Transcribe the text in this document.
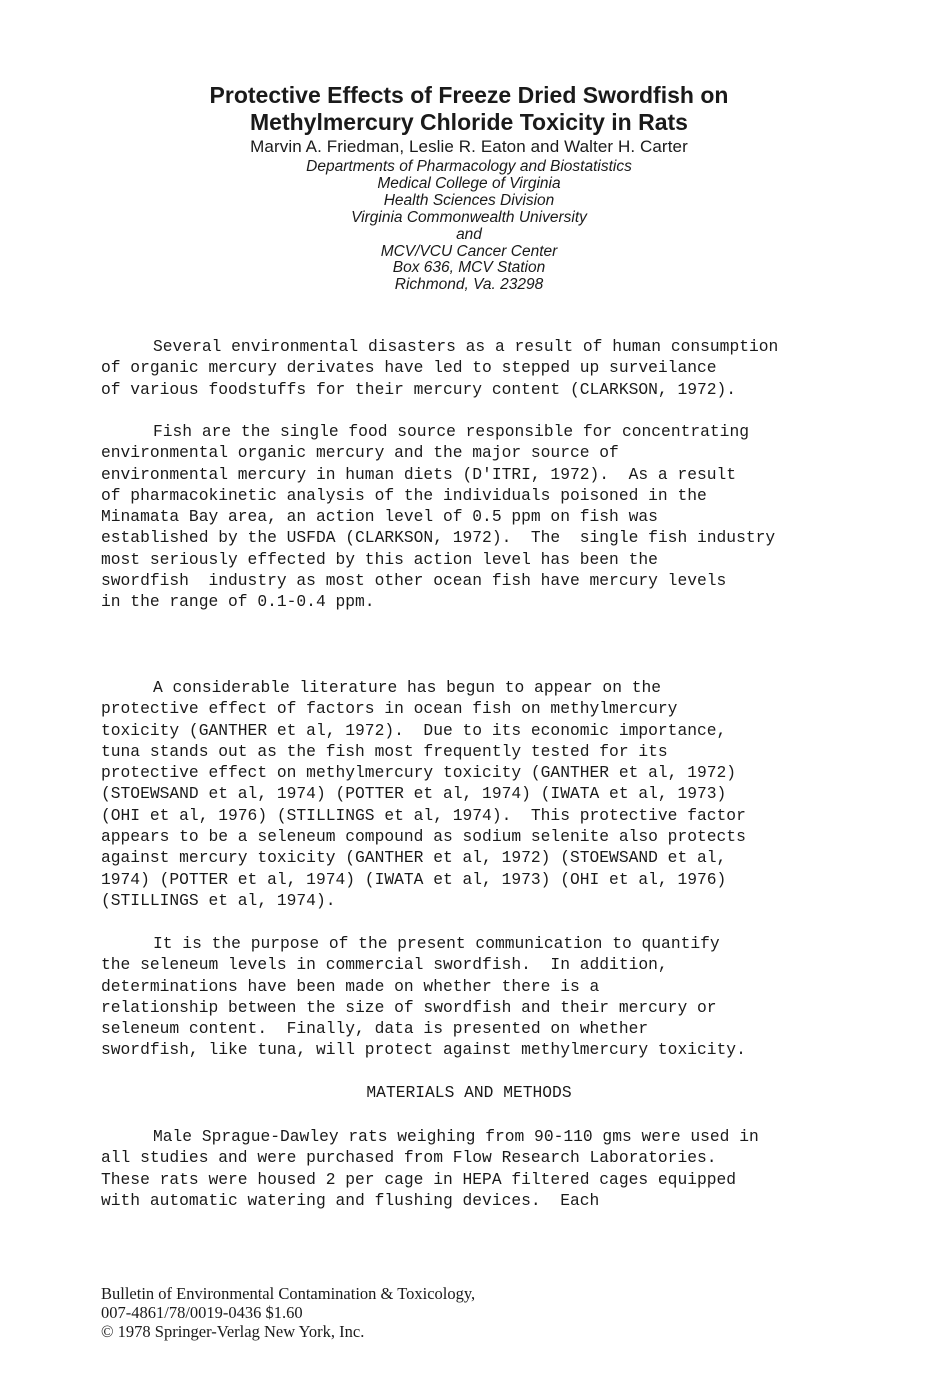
Protective Effects of Freeze Dried Swordfish on
Methylmercury Chloride Toxicity in Rats
Marvin A. Friedman, Leslie R. Eaton and Walter H. Carter
Departments of Pharmacology and Biostatistics
Medical College of Virginia
Health Sciences Division
Virginia Commonwealth University
and
MCV/VCU Cancer Center
Box 636, MCV Station
Richmond, Va. 23298
Several environmental disasters as a result of human consumption
of organic mercury derivates have led to stepped up surveilance
of various foodstuffs for their mercury content (CLARKSON, 1972).
Fish are the single food source responsible for concentrating
environmental organic mercury and the major source of
environmental mercury in human diets (D'ITRI, 1972).  As a result
of pharmacokinetic analysis of the individuals poisoned in the
Minamata Bay area, an action level of 0.5 ppm on fish was
established by the USFDA (CLARKSON, 1972).  The  single fish industry
most seriously effected by this action level has been the
swordfish  industry as most other ocean fish have mercury levels
in the range of 0.1-0.4 ppm.
A considerable literature has begun to appear on the
protective effect of factors in ocean fish on methylmercury
toxicity (GANTHER et al, 1972).  Due to its economic importance,
tuna stands out as the fish most frequently tested for its
protective effect on methylmercury toxicity (GANTHER et al, 1972)
(STOEWSAND et al, 1974) (POTTER et al, 1974) (IWATA et al, 1973)
(OHI et al, 1976) (STILLINGS et al, 1974).  This protective factor
appears to be a seleneum compound as sodium selenite also protects
against mercury toxicity (GANTHER et al, 1972) (STOEWSAND et al,
1974) (POTTER et al, 1974) (IWATA et al, 1973) (OHI et al, 1976)
(STILLINGS et al, 1974).
It is the purpose of the present communication to quantify
the seleneum levels in commercial swordfish.  In addition,
determinations have been made on whether there is a
relationship between the size of swordfish and their mercury or
seleneum content.  Finally, data is presented on whether
swordfish, like tuna, will protect against methylmercury toxicity.
MATERIALS AND METHODS
Male Sprague-Dawley rats weighing from 90-110 gms were used in
all studies and were purchased from Flow Research Laboratories.
These rats were housed 2 per cage in HEPA filtered cages equipped
with automatic watering and flushing devices.  Each
Bulletin of Environmental Contamination & Toxicology,
007-4861/78/0019-0436 $1.60
© 1978 Springer-Verlag New York, Inc.
